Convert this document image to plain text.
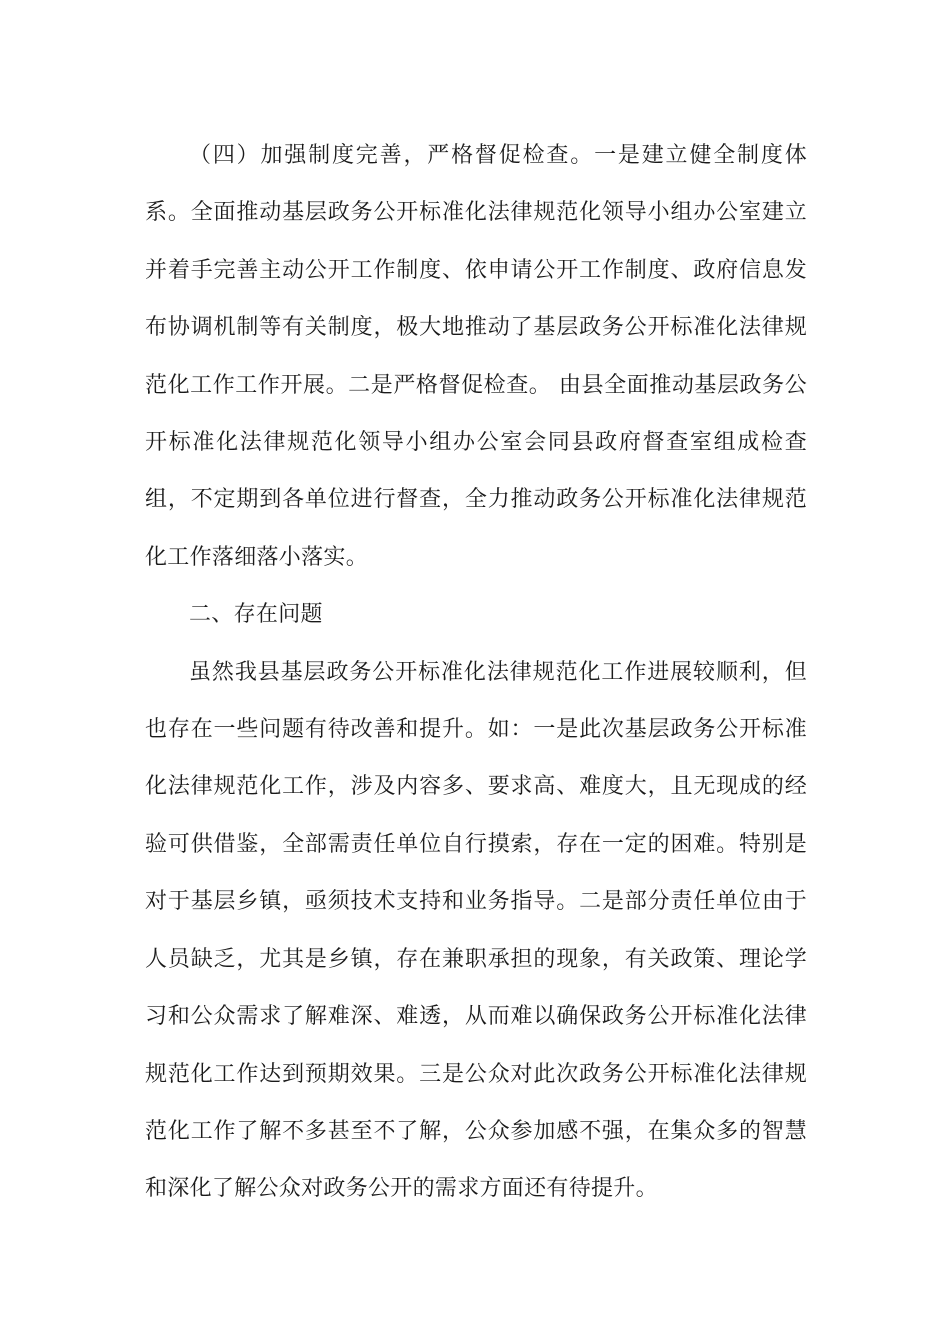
（四）加强制度完善，严格督促检查。一是建立健全制度体系。全面推动基层政务公开标准化法律规范化领导小组办公室建立并着手完善主动公开工作制度、依申请公开工作制度、政府信息发布协调机制等有关制度，极大地推动了基层政务公开标准化法律规范化工作工作开展。二是严格督促检查。 由县全面推动基层政务公开标准化法律规范化领导小组办公室会同县政府督查室组成检查组，不定期到各单位进行督查，全力推动政务公开标准化法律规范化工作落细落小落实。

二、存在问题

虽然我县基层政务公开标准化法律规范化工作进展较顺利，但也存在一些问题有待改善和提升。如：一是此次基层政务公开标准化法律规范化工作，涉及内容多、要求高、难度大，且无现成的经验可供借鉴，全部需责任单位自行摸索，存在一定的困难。特别是对于基层乡镇，亟须技术支持和业务指导。二是部分责任单位由于人员缺乏，尤其是乡镇，存在兼职承担的现象，有关政策、理论学习和公众需求了解难深、难透，从而难以确保政务公开标准化法律规范化工作达到预期效果。三是公众对此次政务公开标准化法律规范化工作了解不多甚至不了解，公众参加感不强，在集众多的智慧和深化了解公众对政务公开的需求方面还有待提升。
